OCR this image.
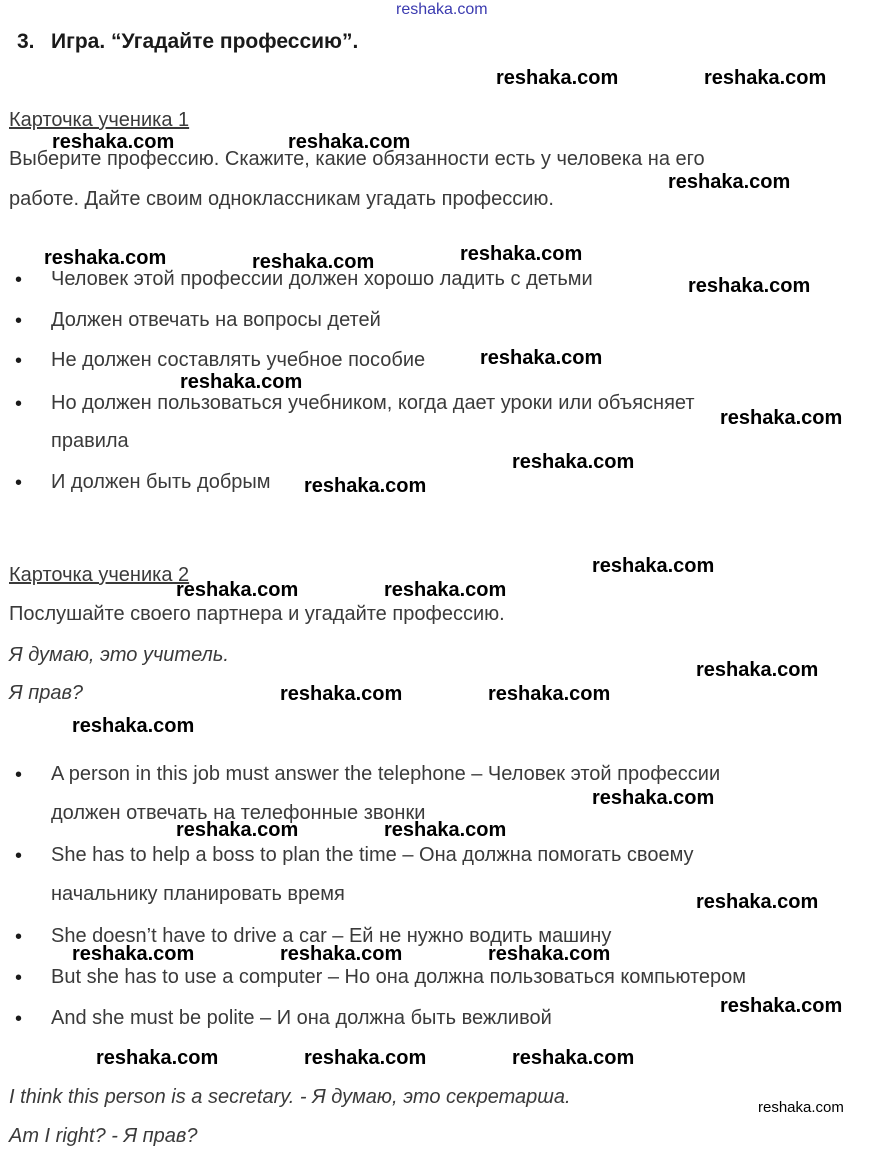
reshaka.com
3. Игра. “Угадайте профессию”.
Карточка ученика 1
Выберите профессию. Скажите, какие обязанности есть у человека на его
работе. Дайте своим одноклассникам угадать профессию.
• Человек этой профессии должен хорошо ладить с детьми
• Должен отвечать на вопросы детей
• Не должен составлять учебное пособие
• Но должен пользоваться учебником, когда дает уроки или объясняет
правила
• И должен быть добрым
Карточка ученика 2
Послушайте своего партнера и угадайте профессию.
Я думаю, это учитель.
Я прав?
• A person in this job must answer the telephone – Человек этой профессии
должен отвечать на телефонные звонки
• She has to help a boss to plan the time – Она должна помогать своему
начальнику планировать время
• She doesn’t have to drive a car – Ей не нужно водить машину
• But she has to use a computer – Но она должна пользоваться компьютером
• And she must be polite – И она должна быть вежливой
I think this person is a secretary. - Я думаю, это секретарша.
Am I right? - Я прав?
reshaka.com	reshaka.com
reshaka.com	reshaka.com
reshaka.com
reshaka.com	reshaka.com	reshaka.com
reshaka.com
reshaka.com
reshaka.com
reshaka.com
reshaka.com
reshaka.com
reshaka.com
reshaka.com	reshaka.com
reshaka.com
reshaka.com	reshaka.com
reshaka.com
reshaka.com
reshaka.com	reshaka.com
reshaka.com
reshaka.com	reshaka.com	reshaka.com
reshaka.com
reshaka.com	reshaka.com	reshaka.com
reshaka.com
